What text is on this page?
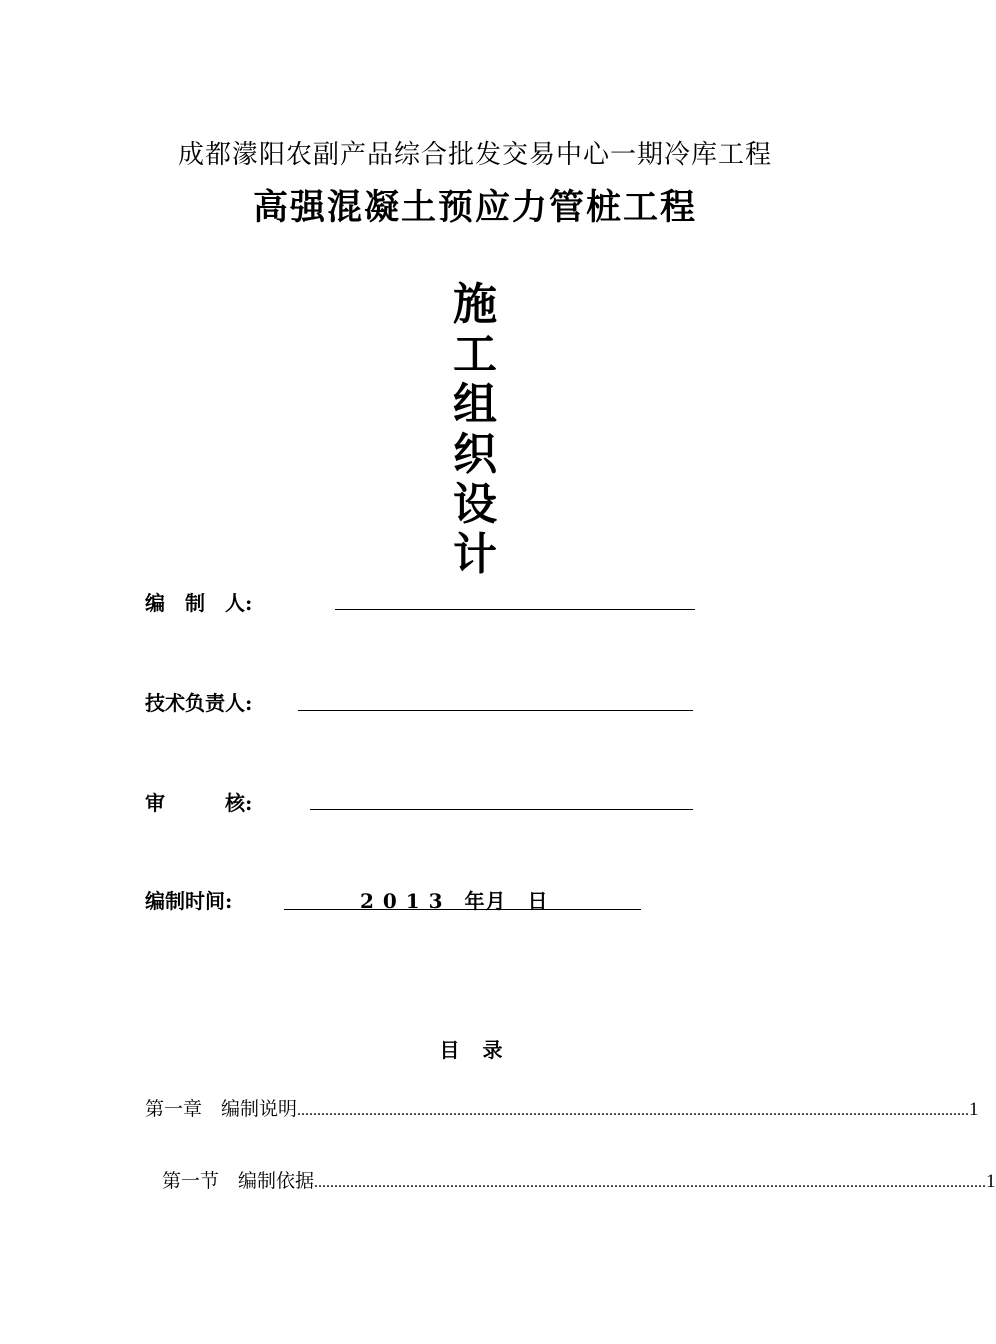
成都濛阳农副产品综合批发交易中心一期冷库工程
高强混凝土预应力管桩工程
施
工
组
织
设
计
编　制　人:
技术负责人:
审　　　核:
编制时间:	2 0 1 3　年月　日
目 录
第一章　编制说明 ........................................................................................................................................................................ 1
第一节　编制依据 ........................................................................................................................................................................ 1
